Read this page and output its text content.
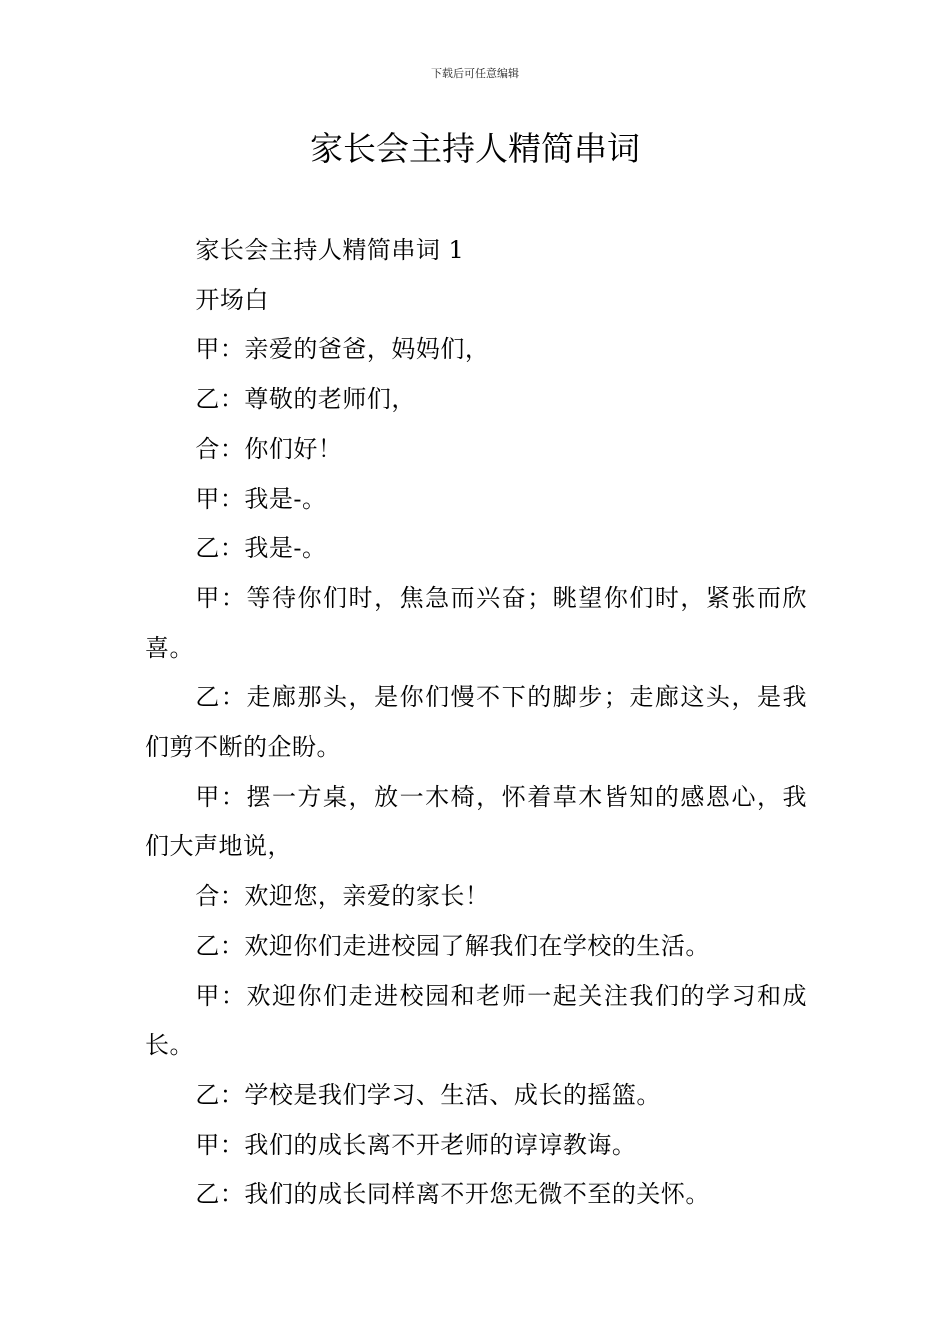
下载后可任意编辑
家长会主持人精简串词

家长会主持人精简串词 1

开场白

甲：亲爱的爸爸，妈妈们，

乙：尊敬的老师们，

合：你们好！

甲：我是-。

乙：我是-。

甲：等待你们时，焦急而兴奋；眺望你们时，紧张而欣喜。

乙：走廊那头，是你们慢不下的脚步；走廊这头，是我们剪不断的企盼。

甲：摆一方桌，放一木椅，怀着草木皆知的感恩心，我们大声地说，

合：欢迎您，亲爱的家长！

乙：欢迎你们走进校园了解我们在学校的生活。

甲：欢迎你们走进校园和老师一起关注我们的学习和成长。

乙：学校是我们学习、生活、成长的摇篮。

甲：我们的成长离不开老师的谆谆教诲。

乙：我们的成长同样离不开您无微不至的关怀。
